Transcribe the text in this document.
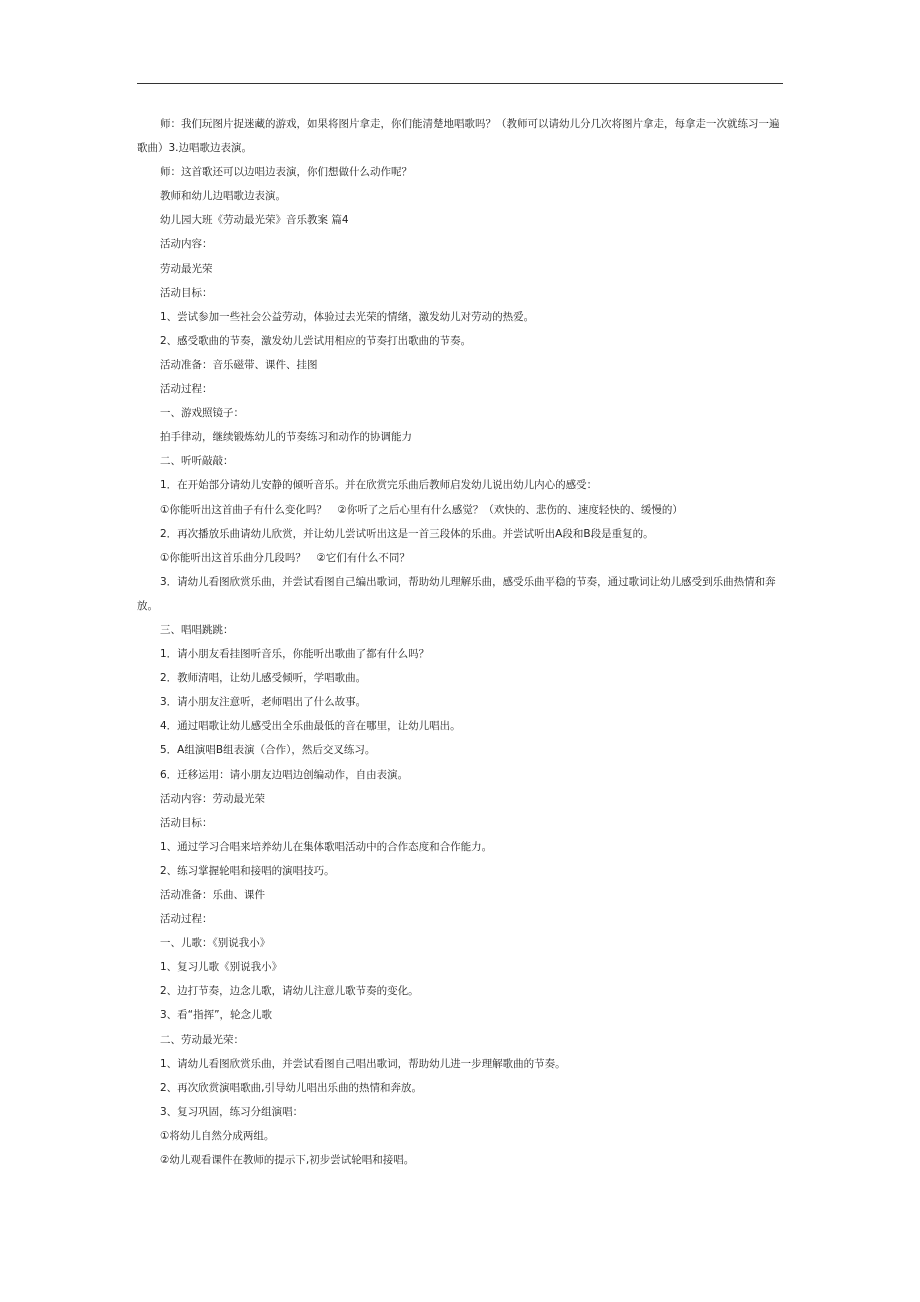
师：我们玩图片捉迷藏的游戏，如果将图片拿走，你们能清楚地唱歌吗？（教师可以请幼儿分几次将图片拿走，每拿走一次就练习一遍歌曲）3.边唱歌边表演。

师：这首歌还可以边唱边表演，你们想做什么动作呢？

教师和幼儿边唱歌边表演。

幼儿园大班《劳动最光荣》音乐教案 篇4

活动内容：

劳动最光荣

活动目标：

1、尝试参加一些社会公益劳动，体验过去光荣的情绪，激发幼儿对劳动的热爱。

2、感受歌曲的节奏，激发幼儿尝试用相应的节奏打出歌曲的节奏。

活动准备：音乐磁带、课件、挂图

活动过程：

一、游戏照镜子：

拍手律动，继续锻炼幼儿的节奏练习和动作的协调能力

二、听听敲敲：

1．在开始部分请幼儿安静的倾听音乐。并在欣赏完乐曲后教师启发幼儿说出幼儿内心的感受：

①你能听出这首曲子有什么变化吗？　②你听了之后心里有什么感觉？（欢快的、悲伤的、速度轻快的、缓慢的）

2．再次播放乐曲请幼儿欣赏，并让幼儿尝试听出这是一首三段体的乐曲。并尝试听出A段和B段是重复的。

①你能听出这首乐曲分几段吗？　②它们有什么不同？

3．请幼儿看图欣赏乐曲，并尝试看图自己编出歌词，帮助幼儿理解乐曲，感受乐曲平稳的节奏，通过歌词让幼儿感受到乐曲热情和奔放。

三、唱唱跳跳：

1．请小朋友看挂图听音乐，你能听出歌曲了都有什么吗？

2．教师清唱，让幼儿感受倾听，学唱歌曲。

3．请小朋友注意听，老师唱出了什么故事。

4．通过唱歌让幼儿感受出全乐曲最低的音在哪里，让幼儿唱出。

5．A组演唱B组表演（合作），然后交叉练习。

6．迁移运用：请小朋友边唱边创编动作，自由表演。

活动内容：劳动最光荣

活动目标：

1、通过学习合唱来培养幼儿在集体歌唱活动中的合作态度和合作能力。

2、练习掌握轮唱和接唱的演唱技巧。

活动准备：乐曲、课件

活动过程：

一、儿歌：《别说我小》

1、复习儿歌《别说我小》

2、边打节奏，边念儿歌，请幼儿注意儿歌节奏的变化。

3、看“指挥”，轮念儿歌

二、劳动最光荣：

1、请幼儿看图欣赏乐曲，并尝试看图自己唱出歌词，帮助幼儿进一步理解歌曲的节奏。

2、再次欣赏演唱歌曲,引导幼儿唱出乐曲的热情和奔放。

3、复习巩固，练习分组演唱：

①将幼儿自然分成两组。

②幼儿观看课件在教师的提示下,初步尝试轮唱和接唱。
